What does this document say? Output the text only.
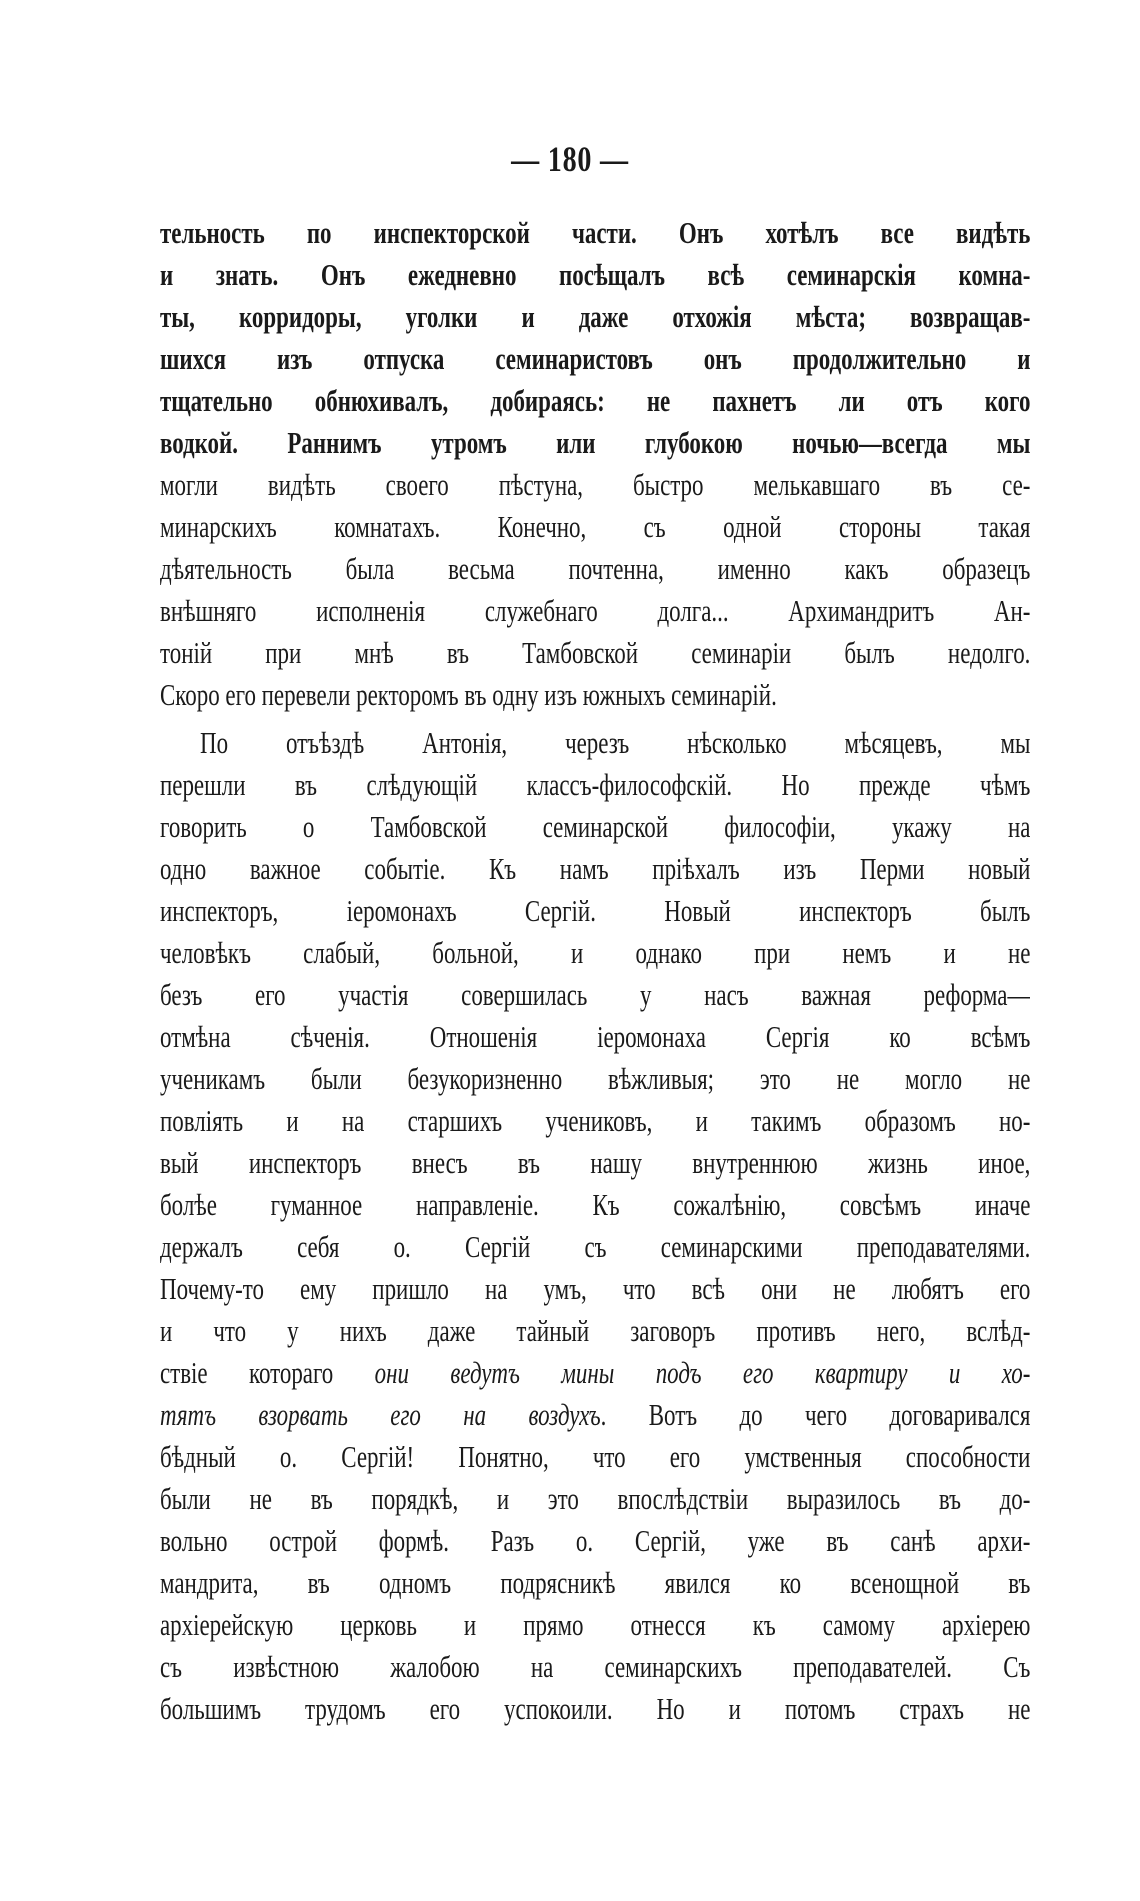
— 180 —
тельность по инспекторской части. Онъ хотѣлъ все видѣть
и знать. Онъ ежедневно посѣщалъ всѣ семинарскія комна-
ты, корридоры, уголки и даже отхожія мѣста; возвращав-
шихся изъ отпуска семинаристовъ онъ продолжительно и
тщательно обнюхивалъ, добираясь: не пахнетъ ли отъ кого
водкой. Раннимъ утромъ или глубокою ночью—всегда мы
могли видѣть своего пѣстуна, быстро мелькавшаго въ се-
минарскихъ комнатахъ. Конечно, съ одной стороны такая
дѣятельность была весьма почтенна, именно какъ образецъ
внѣшняго исполненія служебнаго долга... Архимандритъ Ан-
тоній при мнѣ въ Тамбовской семинаріи былъ недолго.
Скоро его перевели ректоромъ въ одну изъ южныхъ семинарій.
По отъѣздѣ Антонія, черезъ нѣсколько мѣсяцевъ, мы
перешли въ слѣдующій классъ-философскій. Но прежде чѣмъ
говорить о Тамбовской семинарской философіи, укажу на
одно важное событіе. Къ намъ пріѣхалъ изъ Перми новый
инспекторъ, іеромонахъ Сергій. Новый инспекторъ былъ
человѣкъ слабый, больной, и однако при немъ и не
безъ его участія совершилась у насъ важная реформа—
отмѣна сѣченія. Отношенія іеромонаха Сергія ко всѣмъ
ученикамъ были безукоризненно вѣжливыя; это не могло не
повліять и на старшихъ учениковъ, и такимъ образомъ но-
вый инспекторъ внесъ въ нашу внутреннюю жизнь иное,
болѣе гуманное направленіе. Къ сожалѣнію, совсѣмъ иначе
держалъ себя о. Сергій съ семинарскими преподавателями.
Почему-то ему пришло на умъ, что всѣ они не любятъ его
и что у нихъ даже тайный заговоръ противъ него, вслѣд-
ствіе котораго они ведутъ мины подъ его квартиру и хо-
тятъ взорвать его на воздухъ. Вотъ до чего договаривался
бѣдный о. Сергій! Понятно, что его умственныя способности
были не въ порядкѣ, и это впослѣдствіи выразилось въ до-
вольно острой формѣ. Разъ о. Сергій, уже въ санѣ архи-
мандрита, въ одномъ подрясникѣ явился ко всенощной въ
архіерейскую церковь и прямо отнесся къ самому архіерею
съ извѣстною жалобою на семинарскихъ преподавателей. Съ
большимъ трудомъ его успокоили. Но и потомъ страхъ не
